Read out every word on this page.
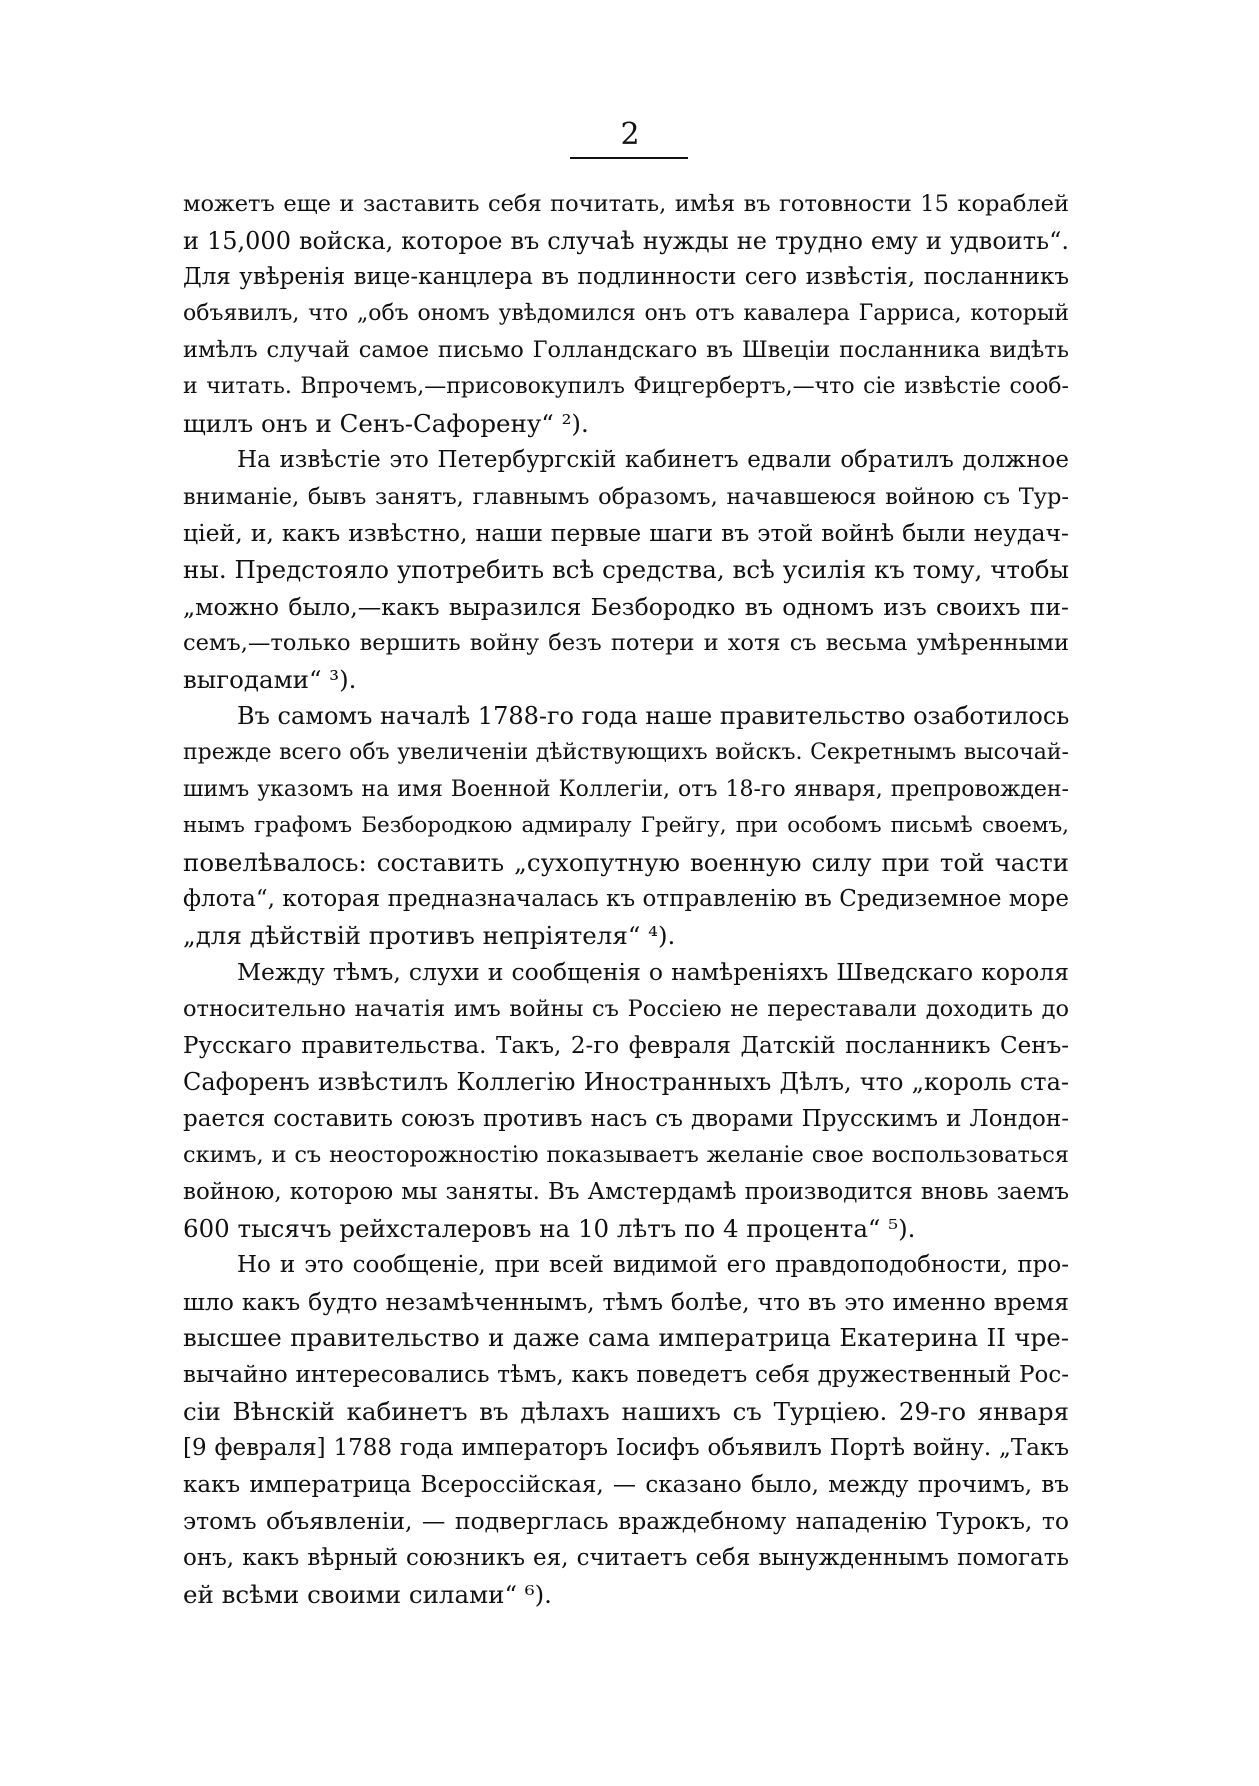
2
можетъ еще и заставить себя почитать, имѣя въ готовности 15 кораблей
и 15,000 войска, которое въ случаѣ нужды не трудно ему и удвоить“.
Для увѣренія вице-канцлера въ подлинности сего извѣстія, посланникъ
объявилъ, что „объ ономъ увѣдомился онъ отъ кавалера Гарриса, который
имѣлъ случай самое письмо Голландскаго въ Швеціи посланника видѣть
и читать. Впрочемъ,—присовокупилъ Фицгербертъ,—что сіе извѣстіе сооб-
щилъ онъ и Сенъ-Сафорену“ ²).
На извѣстіе это Петербургскій кабинетъ едвали обратилъ должное
вниманіе, бывъ занятъ, главнымъ образомъ, начавшеюся войною съ Тур-
ціей, и, какъ извѣстно, наши первые шаги въ этой войнѣ были неудач-
ны. Предстояло употребить всѣ средства, всѣ усилія къ тому, чтобы
„можно было,—какъ выразился Безбородко въ одномъ изъ своихъ пи-
семъ,—только вершить войну безъ потери и хотя съ весьма умѣренными
выгодами“ ³).
Въ самомъ началѣ 1788-го года наше правительство озаботилось
прежде всего объ увеличеніи дѣйствующихъ войскъ. Секретнымъ высочай-
шимъ указомъ на имя Военной Коллегіи, отъ 18-го января, препровожден-
нымъ графомъ Безбородкою адмиралу Грейгу, при особомъ письмѣ своемъ,
повелѣвалось: составить „сухопутную военную силу при той части
флота“, которая предназначалась къ отправленію въ Средиземное море
„для дѣйствій противъ непріятеля“ ⁴).
Между тѣмъ, слухи и сообщенія о намѣреніяхъ Шведскаго короля
относительно начатія имъ войны съ Россіею не переставали доходить до
Русскаго правительства. Такъ, 2-го февраля Датскій посланникъ Сенъ-
Сафоренъ извѣстилъ Коллегію Иностранныхъ Дѣлъ, что „король ста-
рается составить союзъ противъ насъ съ дворами Прусскимъ и Лондон-
скимъ, и съ неосторожностію показываетъ желаніе свое воспользоваться
войною, которою мы заняты. Въ Амстердамѣ производится вновь заемъ
600 тысячъ рейхсталеровъ на 10 лѣтъ по 4 процента“ ⁵).
Но и это сообщеніе, при всей видимой его правдоподобности, про-
шло какъ будто незамѣченнымъ, тѣмъ болѣе, что въ это именно время
высшее правительство и даже сама императрица Екатерина II чре-
вычайно интересовались тѣмъ, какъ поведетъ себя дружественный Рос-
сіи Вѣнскій кабинетъ въ дѣлахъ нашихъ съ Турціею. 29-го января
[9 февраля] 1788 года императоръ Іосифъ объявилъ Портѣ войну. „Такъ
какъ императрица Всероссійская, — сказано было, между прочимъ, въ
этомъ объявленіи, — подверглась враждебному нападенію Турокъ, то
онъ, какъ вѣрный союзникъ ея, считаетъ себя вынужденнымъ помогать
ей всѣми своими силами“ ⁶).
